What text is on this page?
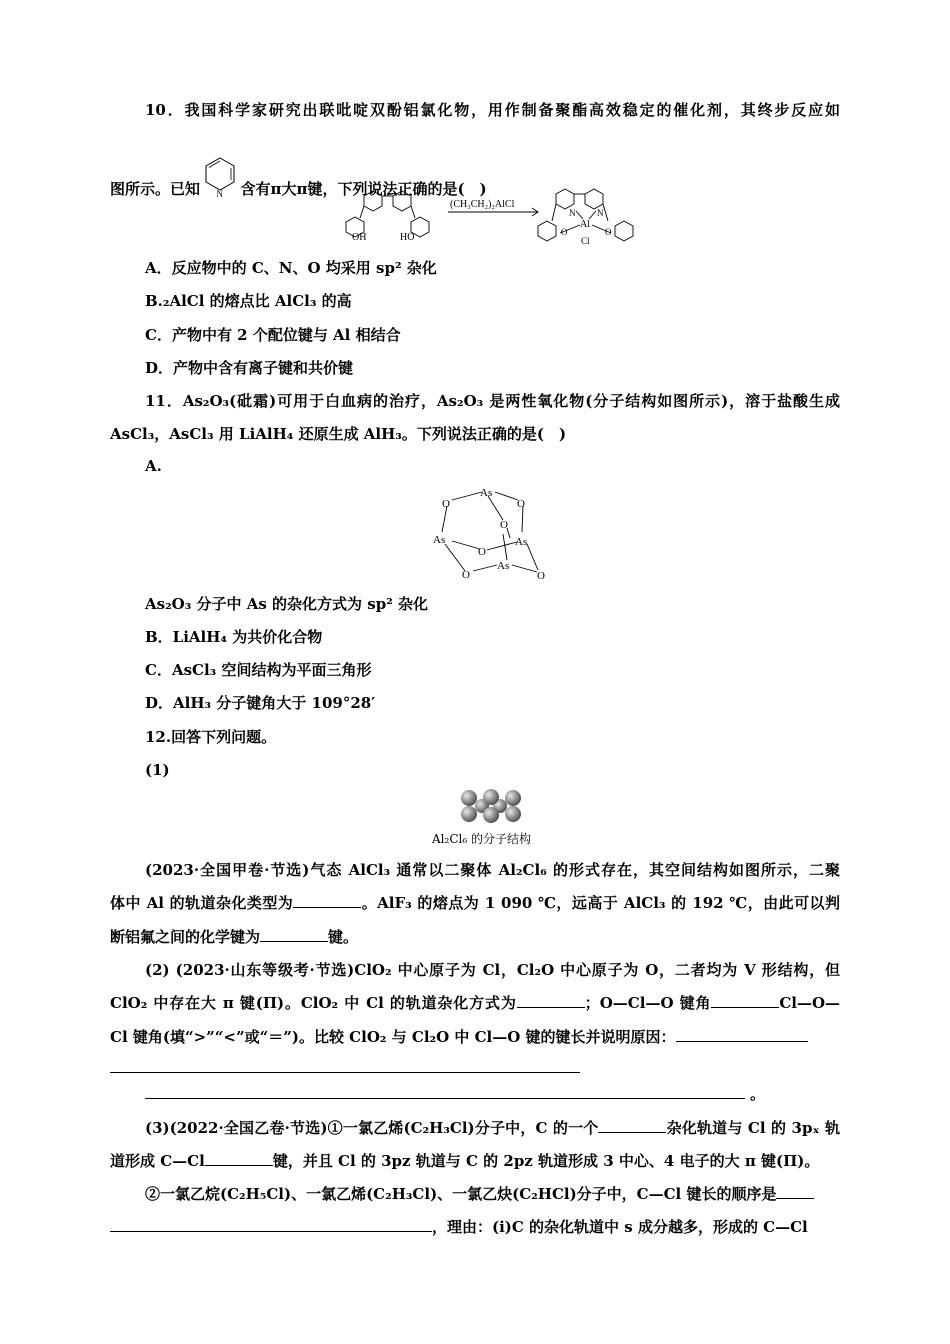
10．我国科学家研究出联吡啶双酚铝氯化物，用作制备聚酯高效稳定的催化剂，其终步反应如
图所示。已知 N 含有π大π键，下列说法正确的是(　)
OH	HO
(CH₃CH₂)₂AlCl
N N
Al
O	O
Cl
A．反应物中的 C、N、O 均采用 sp² 杂化
B.₂AlCl 的熔点比 AlCl₃ 的高
C．产物中有 2 个配位键与 Al 相结合
D．产物中含有离子键和共价键
11．As₂O₃(砒霜)可用于白血病的治疗，As₂O₃ 是两性氧化物(分子结构如图所示)，溶于盐酸生成
AsCl₃，AsCl₃ 用 LiAlH₄ 还原生成 AlH₃。下列说法正确的是(　)
A.
As
O	O
O
As
O
As
As
O	O
As₂O₃ 分子中 As 的杂化方式为 sp² 杂化
B．LiAlH₄ 为共价化合物
C．AsCl₃ 空间结构为平面三角形
D．AlH₃ 分子键角大于 109°28′
12.回答下列问题。
(1)
Al₂Cl₆ 的分子结构
(2023·全国甲卷·节选)气态 AlCl₃ 通常以二聚体 Al₂Cl₆ 的形式存在，其空间结构如图所示，二聚
体中 Al 的轨道杂化类型为	。AlF₃ 的熔点为 1 090 ℃，远高于 AlCl₃ 的 192 ℃，由此可以判
断铝氟之间的化学键为	键。
(2) (2023·山东等级考·节选)ClO₂ 中心原子为 Cl，Cl₂O 中心原子为 O，二者均为 V 形结构，但
ClO₂ 中存在大 π 键(Π)。ClO₂ 中 Cl 的轨道杂化方式为	；O—Cl—O 键角	Cl—O—
Cl 键角(填“>”“<”或“＝”)。比较 ClO₂ 与 Cl₂O 中 Cl—O 键的键长并说明原因：
。
(3)(2022·全国乙卷·节选)①一氯乙烯(C₂H₃Cl)分子中，C 的一个	杂化轨道与 Cl 的 3pₓ 轨
道形成 C—Cl	键，并且 Cl 的 3pz 轨道与 C 的 2pz 轨道形成 3 中心、4 电子的大 π 键(Π)。
②一氯乙烷(C₂H₅Cl)、一氯乙烯(C₂H₃Cl)、一氯乙炔(C₂HCl)分子中，C—Cl 键长的顺序是
，理由：(i)C 的杂化轨道中 s 成分越多，形成的 C—Cl
